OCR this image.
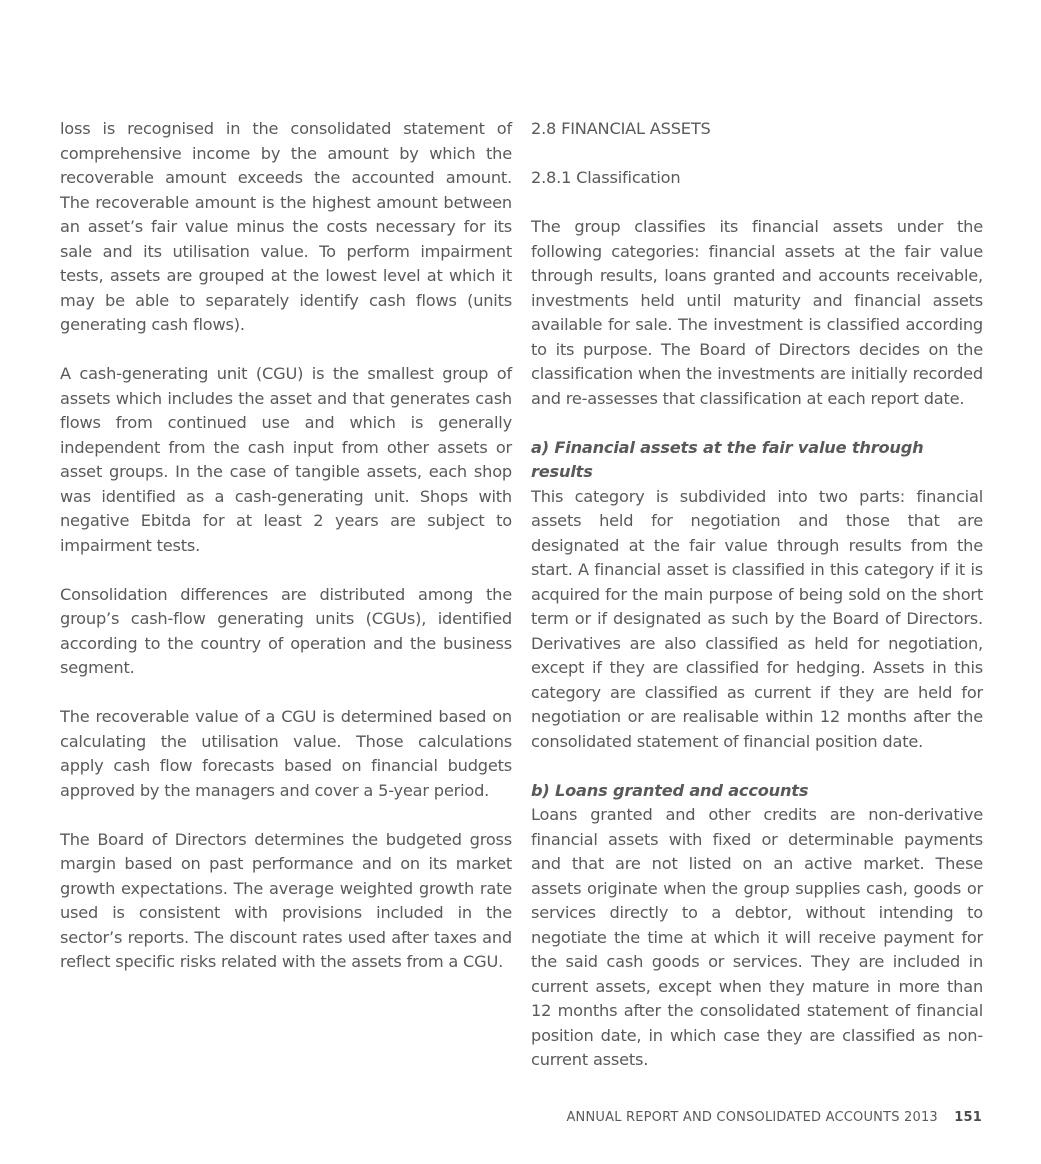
loss is recognised in the consolidated statement of comprehensive income by the amount by which the recoverable amount exceeds the accounted amount. The recoverable amount is the highest amount between an asset’s fair value minus the costs necessary for its sale and its utilisation value. To perform impairment tests, assets are grouped at the lowest level at which it may be able to separately identify cash flows (units generating cash flows).

A cash-generating unit (CGU) is the smallest group of assets which includes the asset and that generates cash flows from continued use and which is generally independent from the cash input from other assets or asset groups. In the case of tangible assets, each shop was identified as a cash-generating unit. Shops with negative Ebitda for at least 2 years are subject to impairment tests.

Consolidation differences are distributed among the group’s cash-flow generating units (CGUs), identified according to the country of operation and the business segment.

The recoverable value of a CGU is determined based on calculating the utilisation value. Those calculations apply cash flow forecasts based on financial budgets approved by the managers and cover a 5-year period.

The Board of Directors determines the budgeted gross margin based on past performance and on its market growth expectations. The average weighted growth rate used is consistent with provisions included in the sector’s reports. The discount rates used after taxes and reflect specific risks related with the assets from a CGU.

2.8 FINANCIAL ASSETS
2.8.1 Classification

The group classifies its financial assets under the following categories: financial assets at the fair value through results, loans granted and accounts receivable, investments held until maturity and financial assets available for sale. The investment is classified according to its purpose. The Board of Directors decides on the classification when the investments are initially recorded and re-assesses that classification at each report date.

a) Financial assets at the fair value through results

This category is subdivided into two parts: financial assets held for negotiation and those that are designated at the fair value through results from the start. A financial asset is classified in this category if it is acquired for the main purpose of being sold on the short term or if designated as such by the Board of Directors. Derivatives are also classified as held for negotiation, except if they are classified for hedging. Assets in this category are classified as current if they are held for negotiation or are realisable within 12 months after the consolidated statement of financial position date.

b) Loans granted and accounts

Loans granted and other credits are non-derivative financial assets with fixed or determinable payments and that are not listed on an active market. These assets originate when the group supplies cash, goods or services directly to a debtor, without intending to negotiate the time at which it will receive payment for the said cash goods or services. They are included in current assets, except when they mature in more than 12 months after the consolidated statement of financial position date, in which case they are classified as non-current assets.

ANNUAL REPORT AND CONSOLIDATED ACCOUNTS 2013 151
